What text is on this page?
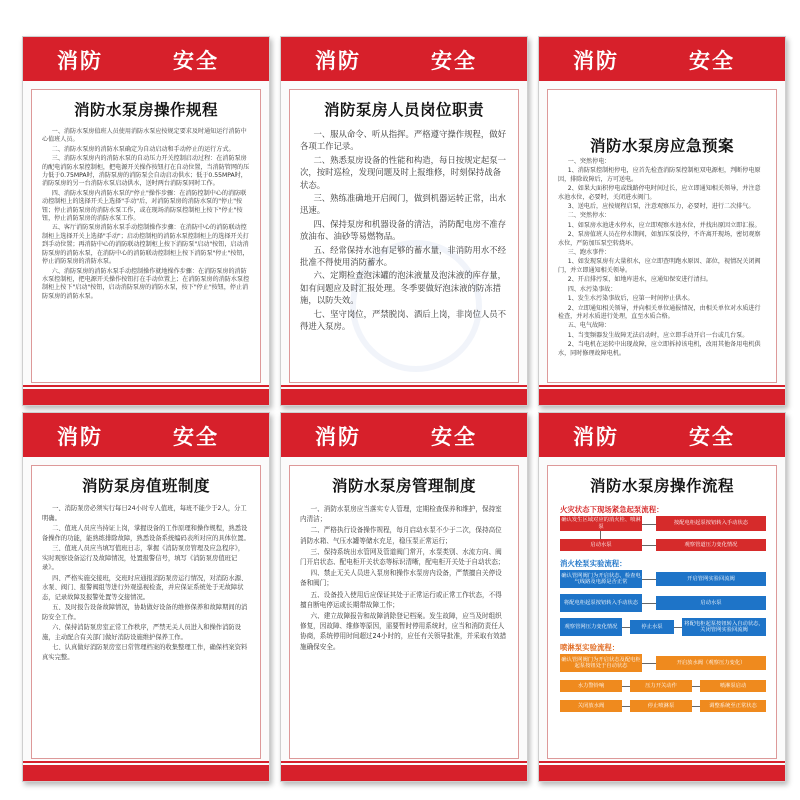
消防	安全
消防水泵房操作规程

一、消防水泵房值班人员使用消防水泵应按规定要求及时通知运行消防中心值班人员。

二、消防水泵房的消防水泵确定为自动启动和手动停止的运行方式。

三、消防水泵房内的消防水泵的自动压力开关控制启动过程：在消防泵房的配电消防水泵控制柜，把电源开关操作按钮打在自动位置，当消防管网的压力低于0.75MPA时，消防泵房的消防泵会自动启动供水；低于0.55MPA时，消防泵房的另一台消防水泵启动供水，送时两台消防泵同时工作。

四、消防水泵房内消防水泵的"停止"操作步骤：在消防控制中心的消防联动控制柜上的选择开关上选择"手动"后，对消防泵房的消防水泵的"停止"按钮；停止消防泵房的消防水泵工作，或在现场消防泵控制柜上按下"停止"按钮，停止消防泵房的消防水泵工作。

五、客厅消防泵房消防水泵手动控制操作步骤：在消防中心的消防联动控制柜上选择开关上选择"手动"；启动控制柜的消防水泵控制柜上的选择开关打到手动位置；再消防中心的消防联动控制柜上按下消防泵"启动"按钮，启动消防泵房的消防水泵，在消防中心的消防联动控制柜上按下消防泵"停止"按钮，停止消防泵房的消防水泵。

六、消防泵房的消防水泵手动控制操作就地操作步骤：在消防泵房的消防水泵控制柜，把电源开关操作按钮打在手动位置上；在消防泵房的消防水泵控制柜上按下"启动"按钮，启动消防泵房的消防水泵，按下"停止"按钮，停止消防泵房的消防水泵。

消防	安全
消防泵房人员岗位职责

一、服从命令、听从指挥。严格遵守操作规程，做好各项工作记录。

二、熟悉泵房设备的性能和构造，每日按规定起泵一次，按时巡检，发现问题及时上报维修，时刻保持战备状态。

三、熟练准确地开启阀门，做到机器运转正常，出水迅速。

四、保持泵房和机器设备的清洁，消防配电房不准存放油布、油砂等易燃物品。

五、经常保持水池有足够的蓄水量，非消防用水不经批准不得使用消防蓄水。

六、定期检查泡沫罐的泡沫液量及泡沫液的库存量，如有问题应及时汇报处理。冬季要做好泡沫液的防冻措施，以防失效。

七、坚守岗位，严禁脱岗、酒后上岗，非岗位人员不得进入泵房。

消防	安全
消防水泵房应急预案

一、突然停电：

1、消防泵控制柜停电，应首先检查消防泵控制柜双电源柜，判断停电原因，排除故障后，方可送电。

2、如果大面积停电或线路停电时间过长，应立即通知相关领导，并注意水池水位，必要时，关闭进水阀门。

3、送电后，应按规程启泵，注意观察压力，必要时，进行二次排气。

二、突然停水：

1、如泵房水池进水停水，应立即观察水池水位，并找出原因立即汇报。

2、泵房值班人员在停水期间，如加压泵没停，不许离开现场，密切观察水位，严防加压泵空转烧坏。

三、跑水事件：

1、如发现泵房有大量积水，应立即查明跑水原因、部位，视情况关闭阀门，并立即通知相关领导。

2、开启排污泵，如地库进水，应通知保安进行清扫。

四、水污染事故：

1、发生水污染事故后，应第一时间停止供水。

2、立即通知相关领导，并向相关单位通报情况，由相关单位对水质进行检查，并对水质进行处理，直至水质合格。

五、电气故障：

1、当变频器发生故障无法启动时，应立即手动开启一台或几台泵。

2、当电机在运转中出现故障，应立即拆掉该电机，改用其他备用电机供水，同时修理故障电机。

消防	安全
消防泵房值班制度

一、消防泵房必须实行每日24小时专人值班，每班不能少于2人，分工明确。

二、值班人员应当持证上岗，掌握设备的工作原理和操作规程，熟悉设备操作的功能，能熟练排除故障，熟悉设备系统编码表所对应的具体位置。

三、值班人员应当填写值班日志，掌握《消防泵房管理及应急程序》，实时观察设备运行及故障情况，处置报警信号，填写《消防泵房值班记录》。

四、严格实施交接班，交班时应通报消防泵房运行情况，对消防水源、水泵、阀门、报警阀组等进行外观巡视检查，并应保证系统处于无故障状态，记录故障及报警处置等交接情况。

五、及时报告设备故障情况，协助做好设备的维修保养和故障期间的消防安全工作。

六、保持消防泵房室正常工作秩序，严禁无关人员进入和操作消防设施，主动配合有关部门做好消防设施维护保养工作。

七、认真做好消防泵房室日常管理档案的收集整理工作，确保档案资料真实完整。

消防	安全
消防水泵房管理制度

一、消防水泵房应当落实专人管理，定期检查保养和维护，保持室内清洁；

二、严格执行设备操作规程，每月启动水泵不少于二次，保持高位消防水箱、气压水罐等储水充足，稳压泵正常运行；

三、保持系统出水管网及管道阀门常开，水泵类别、水流方向、阀门开启状态、配电柜开关状态等标识清晰，配电柜开关处于自动状态；

四、禁止无关人员进入泵房和操作水泵房内设备，严禁擅自关停设备和阀门；

五、设备投入使用后应保证其处于正常运行或正常工作状态，不得擅自断电停运或长期带故障工作；

六、建立故障报告和故障消除登记档案。发生故障，应当及时组织修复，因故障、维修等原因，需要暂时停用系统时，应当和消防责任人协商，系统停用时间超过24小时的，应任有关领导批准，并采取有效措施确保安全。

消防	安全
消防水泵房操作流程
火灾状态下现场紧急起泵流程：
确认发生区域对应的消火栓、喷淋泵
按配电柜起泵按钮转入手动状态
启动水泵	观察管道压力变化情况
消火栓泵实验流程：
确认管网阀门为开启状态，检查电气线路及电源是否正常
开启管网实验回流阀
将配电柜起泵按钮转入手动状态	启动水泵
观察管网压力变化情况	停止水泵
将配电柜起泵按钮转入自动状态，关闭管网实验回流阀
喷淋泵实验流程：
确认管网阀门为开启状态及配电柜起泵按钮处于自动状态
开启放水阀（观察压力变化）
水力警铃响	压力开关动作	喷淋泵启动
关闭放水阀	停止喷淋泵	调整系统至正常状态
